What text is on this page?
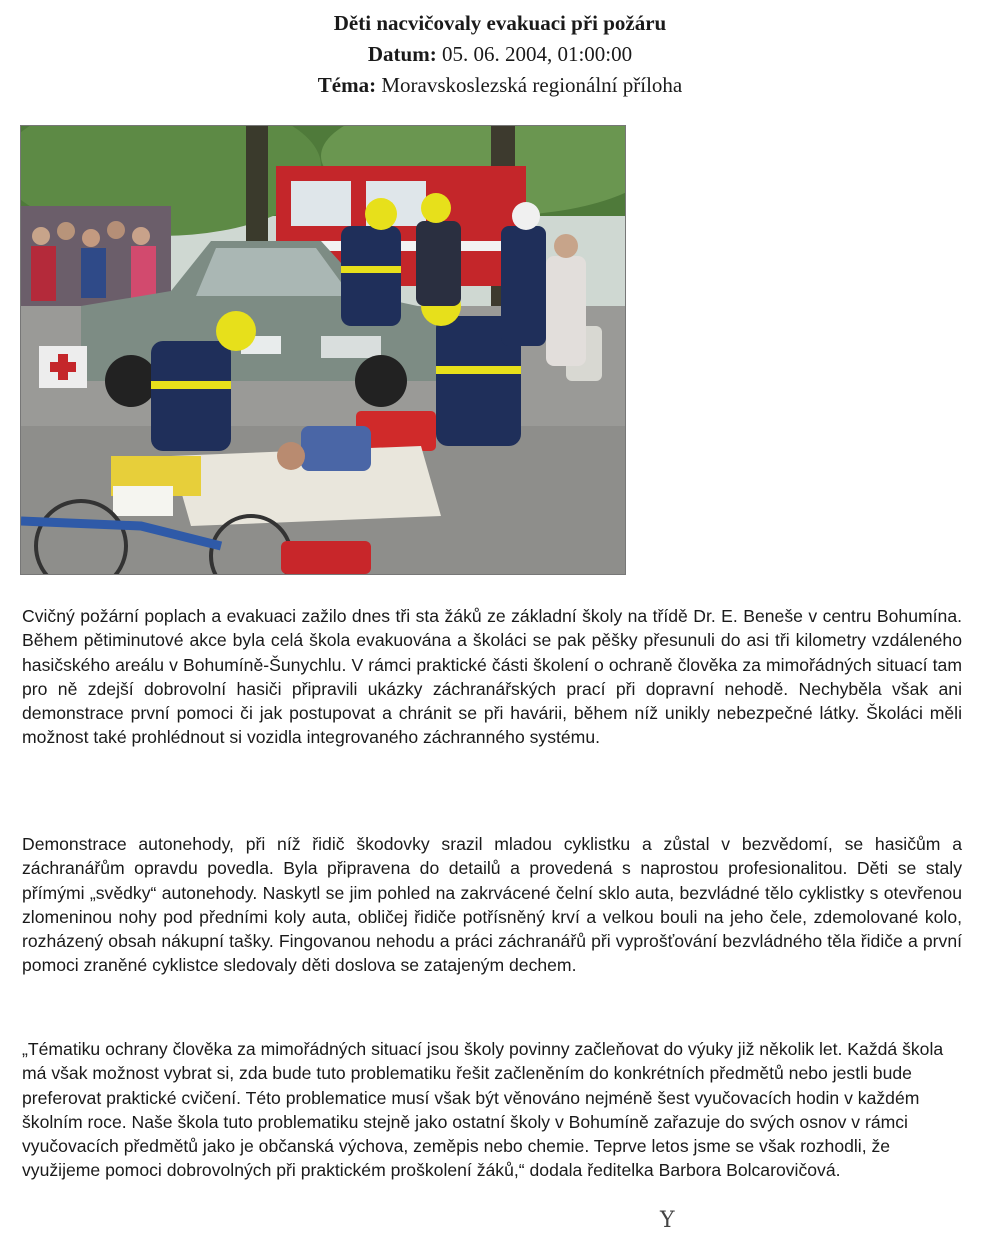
Děti nacvičovaly evakuaci při požáru
Datum: 05. 06. 2004, 01:00:00
Téma: Moravskoslezská regionální příloha

Cvičný požární poplach a evakuaci zažilo dnes tři sta žáků ze základní školy na třídě Dr. E. Beneše v centru Bohumína. Během pětiminutové akce byla celá škola evakuována a školáci se pak pěšky přesunuli do asi tři kilometry vzdáleného hasičského areálu v Bohumíně-Šunychlu. V rámci praktické části školení o ochraně člověka za mimořádných situací tam pro ně zdejší dobrovolní hasiči připravili ukázky záchranářských prací při dopravní nehodě. Nechyběla však ani demonstrace první pomoci či jak postupovat a chránit se při havárii, během níž unikly nebezpečné látky. Školáci měli možnost také prohlédnout si vozidla integrovaného záchranného systému.

Demonstrace autonehody, při níž řidič škodovky srazil mladou cyklistku a zůstal v bezvědomí, se hasičům a záchranářům opravdu povedla. Byla připravena do detailů a provedená s naprostou profesionalitou. Děti se staly přímými „svědky“ autonehody. Naskytl se jim pohled na zakrvácené čelní sklo auta, bezvládné tělo cyklistky s otevřenou zlomeninou nohy pod předními koly auta, obličej řidiče potřísněný krví a velkou bouli na jeho čele, zdemolované kolo, rozházený obsah nákupní tašky. Fingovanou nehodu a práci záchranářů při vyprošťování bezvládného těla řidiče a první pomoci zraněné cyklistce sledovaly děti doslova se zatajeným dechem.

„Tématiku ochrany člověka za mimořádných situací jsou školy povinny začleňovat do výuky již několik let. Každá škola má však možnost vybrat si, zda bude tuto problematiku řešit začleněním do konkrétních předmětů nebo jestli bude preferovat praktické cvičení. Této problematice musí však být věnováno nejméně šest vyučovacích hodin v každém školním roce. Naše škola tuto problematiku stejně jako ostatní školy v Bohumíně zařazuje do svých osnov v rámci vyučovacích předmětů jako je občanská výchova, zeměpis nebo chemie. Teprve letos jsme se však rozhodli, že využijeme pomoci dobrovolných při praktickém proškolení žáků,“ dodala ředitelka Barbora Bolcarovičová.

Y
